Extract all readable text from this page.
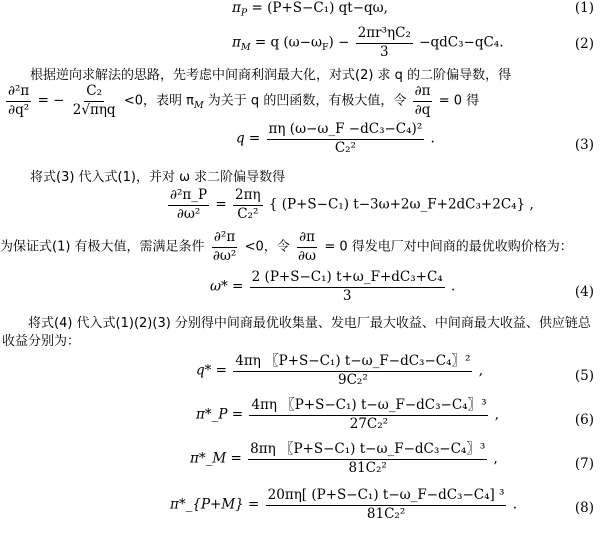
$\pi_P = (P+S-C_1)$ qt−qω,	(1)
$\pi_M = q$ $(\omega-\omega_F) - \frac{\text{2πr³ηC₂}}{3} -qdC_3-qC_4$.	(2)
根据逆向求解法的思路，先考虑中间商利润最大化，对式(2) 求 q 的二阶偏导数，得
$\frac{\text{∂²π}}{\text{∂q²}}$ = − $\frac{\text{C₂}}{\text{2√πηq}} <0$，表明 $\pi_M$ 为关于 q 的凹函数，有极大值，令 $\frac{\partial\pi}{\partial q} = 0$ 得
$q = \frac{\text{πη (ω−ω\_F −dC₃−C₄)²}}{\text{C₂²}}$ .	(3)
将式(3) 代入式(1)，并对 ω 求二阶偏导数得
$\frac{\text{∂²π\_P}}{\text{∂ω²}} = \frac{2\pi\eta}{\text{C₂²}}$ { (P+S−C₁) t−3ω+2ω_F+2dC₃+2C₄} ,
为保证式(1) 有极大值，需满足条件 $\frac{\text{∂²π}}{\text{∂ω²}} <0$，令 $\frac{\partial\pi}{\partial\omega} = 0$ 得发电厂对中间商的最优收购价格为：
$\omega* = \frac{\text{2 (P+S−C₁) t+ω\_F+dC₃+C₄}}{3}$ .	(4)
将式(4) 代入式(1)(2)(3) 分别得中间商最优收集量、发电厂最大收益、中间商最大收益、供应链总
收益分别为：
$q* = \frac{\text{4πη 〖P+S−C₁) t−ω\_F−dC₃−C₄〗²}}{\text{9C₂²}}$ ,	(5)
π*_P = $\frac{\text{4πη 〖P+S−C₁) t−ω\_F−dC₃−C₄〗³}}{\text{27C₂²}}$ ,	(6)
π*_M = $\frac{\text{8πη 〖P+S−C₁) t−ω\_F−dC₃−C₄〗³}}{\text{81C₂²}}$ ,	(7)
π*_{P+M} = $\frac{\text{20πη[ (P+S−C₁) t−ω\_F−dC₃−C₄] ³}}{\text{81C₂²}}$ .	(8)
